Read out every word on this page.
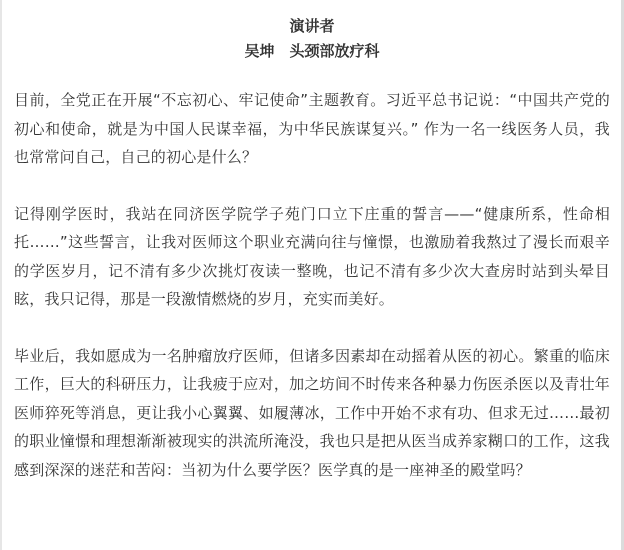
演讲者
吴坤　头颈部放疗科

目前，全党正在开展“不忘初心、牢记使命”主题教育。习近平总书记说：“中国共产党的初心和使命，就是为中国人民谋幸福，为中华民族谋复兴。” 作为一名一线医务人员，我也常常问自己，自己的初心是什么？

记得刚学医时，我站在同济医学院学子苑门口立下庄重的誓言——“健康所系，性命相托……”这些誓言，让我对医师这个职业充满向往与憧憬，也激励着我熬过了漫长而艰辛的学医岁月，记不清有多少次挑灯夜读一整晚，也记不清有多少次大查房时站到头晕目眩，我只记得，那是一段激情燃烧的岁月，充实而美好。

毕业后，我如愿成为一名肿瘤放疗医师，但诸多因素却在动摇着从医的初心。繁重的临床工作，巨大的科研压力，让我疲于应对，加之坊间不时传来各种暴力伤医杀医以及青壮年医师猝死等消息，更让我小心翼翼、如履薄冰，工作中开始不求有功、但求无过……最初的职业憧憬和理想渐渐被现实的洪流所淹没，我也只是把从医当成养家糊口的工作，这我感到深深的迷茫和苦闷：当初为什么要学医？医学真的是一座神圣的殿堂吗？
